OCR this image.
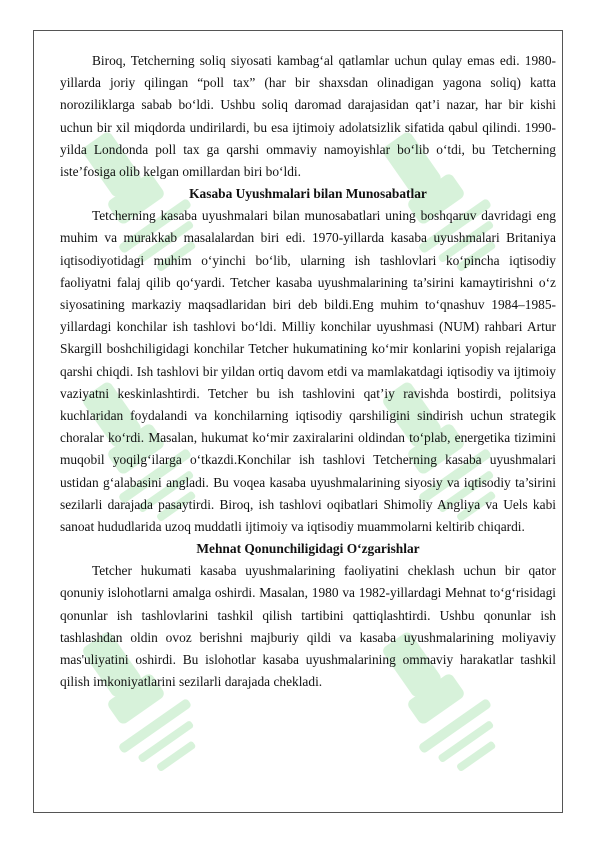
Biroq, Tetcherning soliq siyosati kambag‘al qatlamlar uchun qulay emas edi. 1980-yillarda joriy qilingan “poll tax” (har bir shaxsdan olinadigan yagona soliq) katta noroziliklarga sabab bo‘ldi. Ushbu soliq daromad darajasidan qat’i nazar, har bir kishi uchun bir xil miqdorda undirilardi, bu esa ijtimoiy adolatsizlik sifatida qabul qilindi. 1990-yilda Londonda poll tax ga qarshi ommaviy namoyishlar bo‘lib o‘tdi, bu Tetcherning iste’fosiga olib kelgan omillardan biri bo‘ldi.

Kasaba Uyushmalari bilan Munosabatlar

Tetcherning kasaba uyushmalari bilan munosabatlari uning boshqaruv davridagi eng muhim va murakkab masalalardan biri edi. 1970-yillarda kasaba uyushmalari Britaniya iqtisodiyotidagi muhim o‘yinchi bo‘lib, ularning ish tashlovlari ko‘pincha iqtisodiy faoliyatni falaj qilib qo‘yardi. Tetcher kasaba uyushmalarining ta’sirini kamaytirishni o‘z siyosatining markaziy maqsadlaridan biri deb bildi.Eng muhim to‘qnashuv 1984–1985-yillardagi konchilar ish tashlovi bo‘ldi. Milliy konchilar uyushmasi (NUM) rahbari Artur Skargill boshchiligidagi konchilar Tetcher hukumatining ko‘mir konlarini yopish rejalariga qarshi chiqdi. Ish tashlovi bir yildan ortiq davom etdi va mamlakatdagi iqtisodiy va ijtimoiy vaziyatni keskinlashtirdi. Tetcher bu ish tashlovini qat’iy ravishda bostirdi, politsiya kuchlaridan foydalandi va konchilarning iqtisodiy qarshiligini sindirish uchun strategik choralar ko‘rdi. Masalan, hukumat ko‘mir zaxiralarini oldindan to‘plab, energetika tizimini muqobil yoqilg‘ilarga o‘tkazdi.Konchilar ish tashlovi Tetcherning kasaba uyushmalari ustidan g‘alabasini angladi. Bu voqea kasaba uyushmalarining siyosiy va iqtisodiy ta’sirini sezilarli darajada pasaytirdi. Biroq, ish tashlovi oqibatlari Shimoliy Angliya va Uels kabi sanoat hududlarida uzoq muddatli ijtimoiy va iqtisodiy muammolarni keltirib chiqardi.

Mehnat Qonunchiligidagi O‘zgarishlar

Tetcher hukumati kasaba uyushmalarining faoliyatini cheklash uchun bir qator qonuniy islohotlarni amalga oshirdi. Masalan, 1980 va 1982-yillardagi Mehnat to‘g‘risidagi qonunlar ish tashlovlarini tashkil qilish tartibini qattiqlashtirdi. Ushbu qonunlar ish tashlashdan oldin ovoz berishni majburiy qildi va kasaba uyushmalarining moliyaviy mas'uliyatini oshirdi. Bu islohotlar kasaba uyushmalarining ommaviy harakatlar tashkil qilish imkoniyatlarini sezilarli darajada chekladi.
